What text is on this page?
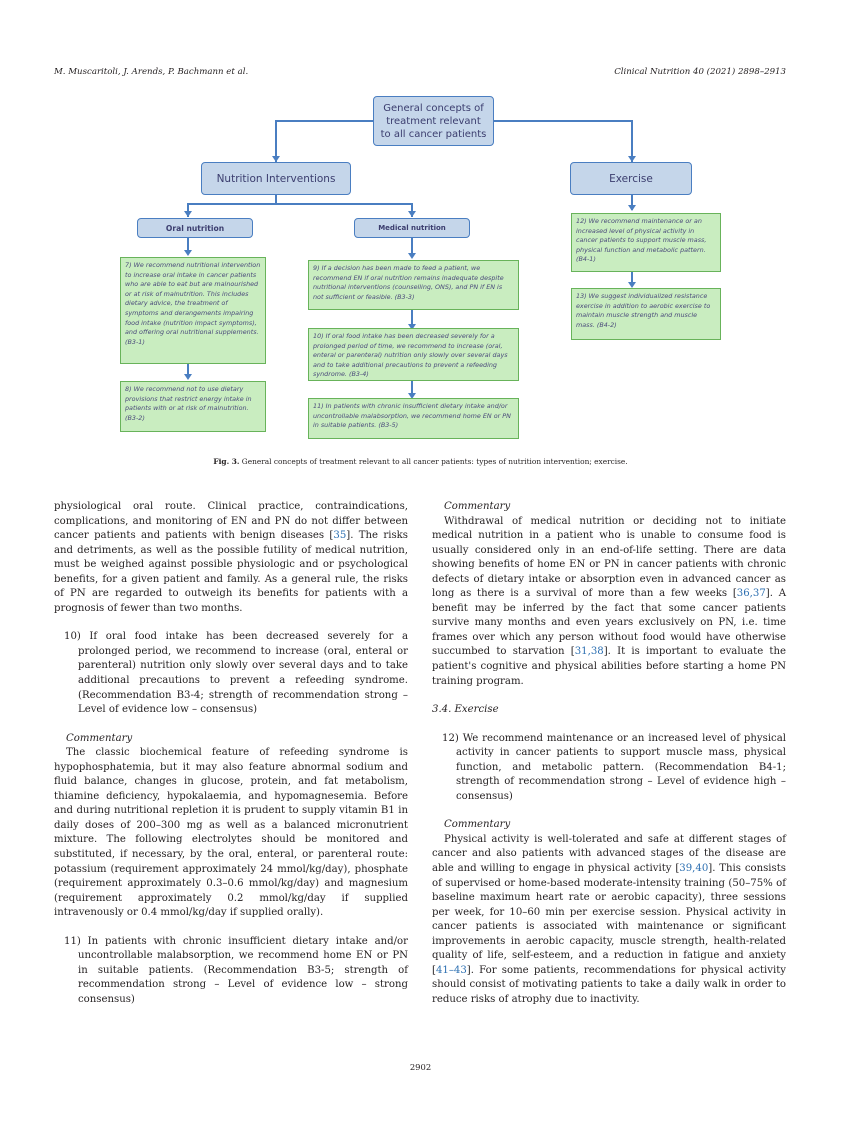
M. Muscaritoli, J. Arends, P. Bachmann et al.	Clinical Nutrition 40 (2021) 2898–2913
General concepts of treatment relevant to all cancer patients
Nutrition Interventions	Exercise
Oral nutrition	Medical nutrition
7) We recommend nutritional intervention to increase oral intake in cancer patients who are able to eat but are malnourished or at risk of malnutrition. This includes dietary advice, the treatment of symptoms and derangements impairing food intake (nutrition impact symptoms), and offering oral nutritional supplements. (B3-1)
8) We recommend not to use dietary provisions that restrict energy intake in patients with or at risk of malnutrition. (B3-2)
9) If a decision has been made to feed a patient, we recommend EN if oral nutrition remains inadequate despite nutritional interventions (counselling, ONS), and PN if EN is not sufficient or feasible. (B3-3)
10) If oral food intake has been decreased severely for a prolonged period of time, we recommend to increase (oral, enteral or parenteral) nutrition only slowly over several days and to take additional precautions to prevent a refeeding syndrome. (B3-4)
11) In patients with chronic insufficient dietary intake and/or uncontrollable malabsorption, we recommend home EN or PN in suitable patients. (B3-5)
12) We recommend maintenance or an increased level of physical activity in cancer patients to support muscle mass, physical function and metabolic pattern. (B4-1)
13) We suggest individualized resistance exercise in addition to aerobic exercise to maintain muscle strength and muscle mass. (B4-2)
Fig. 3. General concepts of treatment relevant to all cancer patients: types of nutrition intervention; exercise.

physiological oral route. Clinical practice, contraindications, complications, and monitoring of EN and PN do not differ between cancer patients and patients with benign diseases [35]. The risks and detriments, as well as the possible futility of medical nutrition, must be weighed against possible physiologic and or psychological benefits, for a given patient and family. As a general rule, the risks of PN are regarded to outweigh its benefits for patients with a prognosis of fewer than two months.

10) If oral food intake has been decreased severely for a prolonged period, we recommend to increase (oral, enteral or parenteral) nutrition only slowly over several days and to take additional precautions to prevent a refeeding syndrome. (Recommendation B3-4; strength of recommendation strong – Level of evidence low – consensus)

Commentary

The classic biochemical feature of refeeding syndrome is hypophosphatemia, but it may also feature abnormal sodium and fluid balance, changes in glucose, protein, and fat metabolism, thiamine deficiency, hypokalaemia, and hypomagnesemia. Before and during nutritional repletion it is prudent to supply vitamin B1 in daily doses of 200–300 mg as well as a balanced micronutrient mixture. The following electrolytes should be monitored and substituted, if necessary, by the oral, enteral, or parenteral route: potassium (requirement approximately 24 mmol/kg/day), phosphate (requirement approximately 0.3–0.6 mmol/kg/day) and magnesium (requirement approximately 0.2 mmol/kg/day if supplied intravenously or 0.4 mmol/kg/day if supplied orally).

11) In patients with chronic insufficient dietary intake and/or uncontrollable malabsorption, we recommend home EN or PN in suitable patients. (Recommendation B3-5; strength of recommendation strong – Level of evidence low – strong consensus)

Commentary

Withdrawal of medical nutrition or deciding not to initiate medical nutrition in a patient who is unable to consume food is usually considered only in an end-of-life setting. There are data showing benefits of home EN or PN in cancer patients with chronic defects of dietary intake or absorption even in advanced cancer as long as there is a survival of more than a few weeks [36,37]. A benefit may be inferred by the fact that some cancer patients survive many months and even years exclusively on PN, i.e. time frames over which any person without food would have otherwise succumbed to starvation [31,38]. It is important to evaluate the patient's cognitive and physical abilities before starting a home PN training program.

3.4. Exercise

12) We recommend maintenance or an increased level of physical activity in cancer patients to support muscle mass, physical function, and metabolic pattern. (Recommendation B4-1; strength of recommendation strong – Level of evidence high – consensus)

Commentary

Physical activity is well-tolerated and safe at different stages of cancer and also patients with advanced stages of the disease are able and willing to engage in physical activity [39,40]. This consists of supervised or home-based moderate-intensity training (50–75% of baseline maximum heart rate or aerobic capacity), three sessions per week, for 10–60 min per exercise session. Physical activity in cancer patients is associated with maintenance or significant improvements in aerobic capacity, muscle strength, health-related quality of life, self-esteem, and a reduction in fatigue and anxiety [41–43]. For some patients, recommendations for physical activity should consist of motivating patients to take a daily walk in order to reduce risks of atrophy due to inactivity.

2902
